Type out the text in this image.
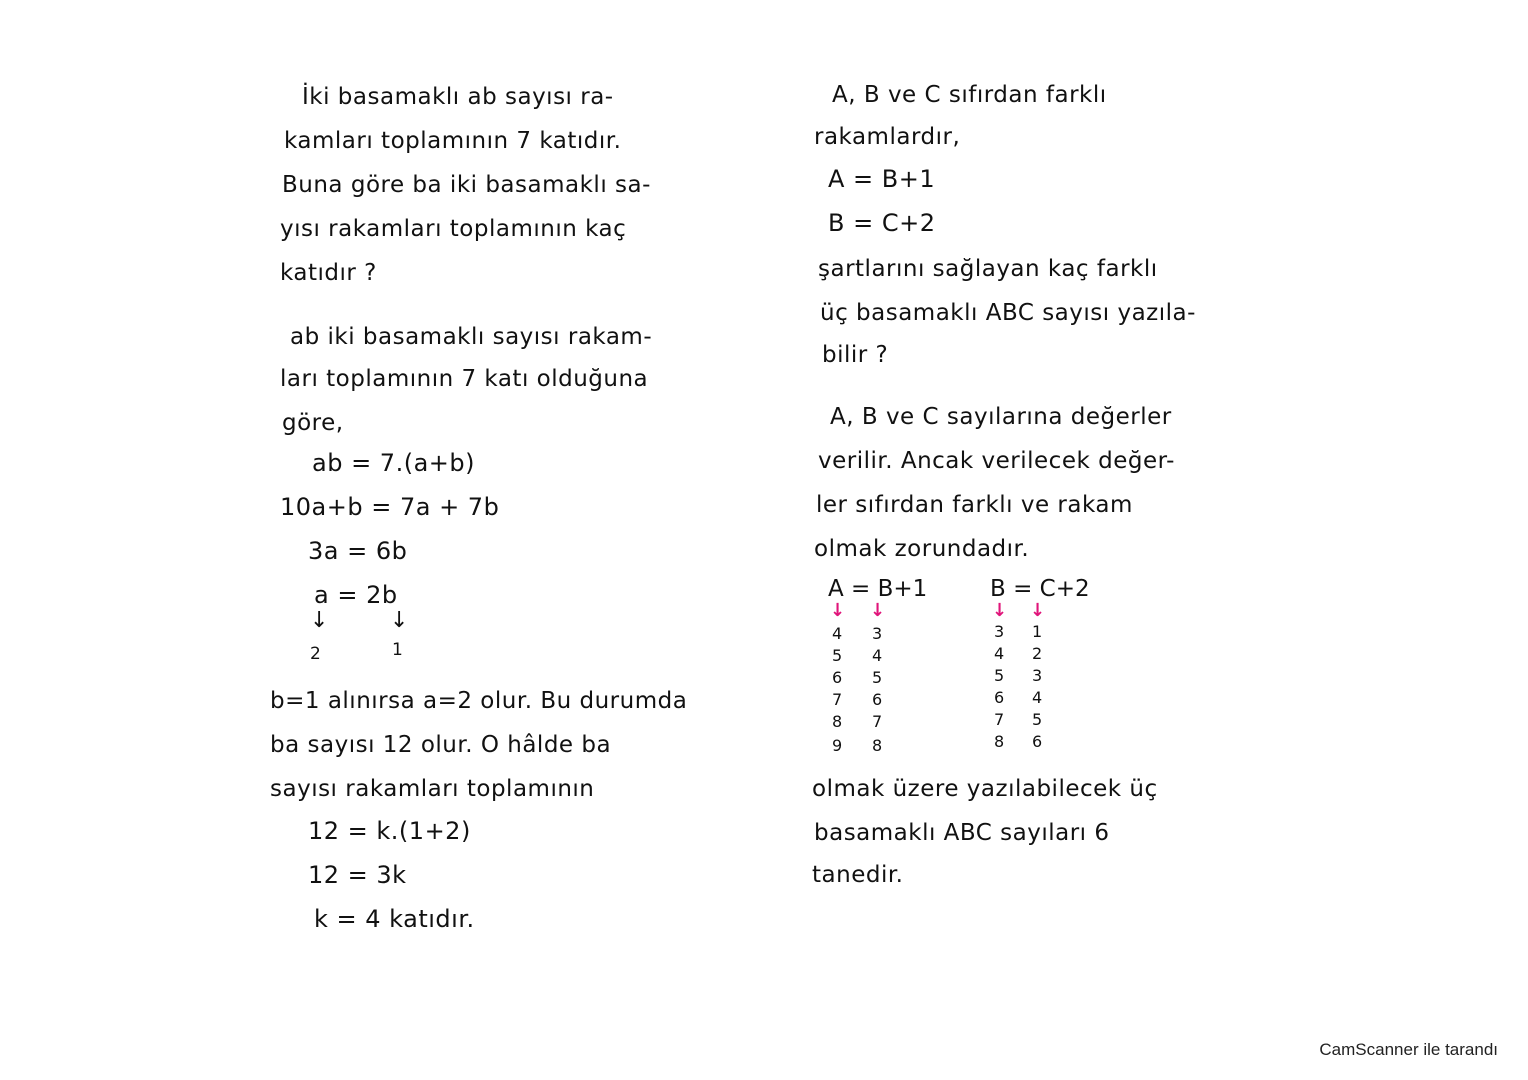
İki basamaklı ab sayısı ra-
kamları toplamının 7 katıdır.
Buna göre ba iki basamaklı sa-
yısı rakamları toplamının kaç
katıdır ?
ab iki basamaklı sayısı rakam-
ları toplamının 7 katı olduğuna
göre,
ab = 7.(a+b)
10a+b = 7a + 7b
3a = 6b
a = 2b
↓	↓
2	1
b=1 alınırsa a=2 olur. Bu durumda
ba sayısı 12 olur. O hâlde ba
sayısı rakamları toplamının
12 = k.(1+2)
12 = 3k
k = 4 katıdır.
A, B ve C sıfırdan farklı
rakamlardır,
A = B+1
B = C+2
şartlarını sağlayan kaç farklı
üç basamaklı ABC sayısı yazıla-
bilir ?
A, B ve C sayılarına değerler
verilir. Ancak verilecek değer-
ler sıfırdan farklı ve rakam
olmak zorundadır.
A = B+1
↓ ↓
4 3
5 4
6 5
7 6
8 7
9 8
B = C+2
↓ ↓
3 1
4 2
5 3
6 4
7 5
8 6
olmak üzere yazılabilecek üç
basamaklı ABC sayıları 6
tanedir.
CamScanner ile tarandı
